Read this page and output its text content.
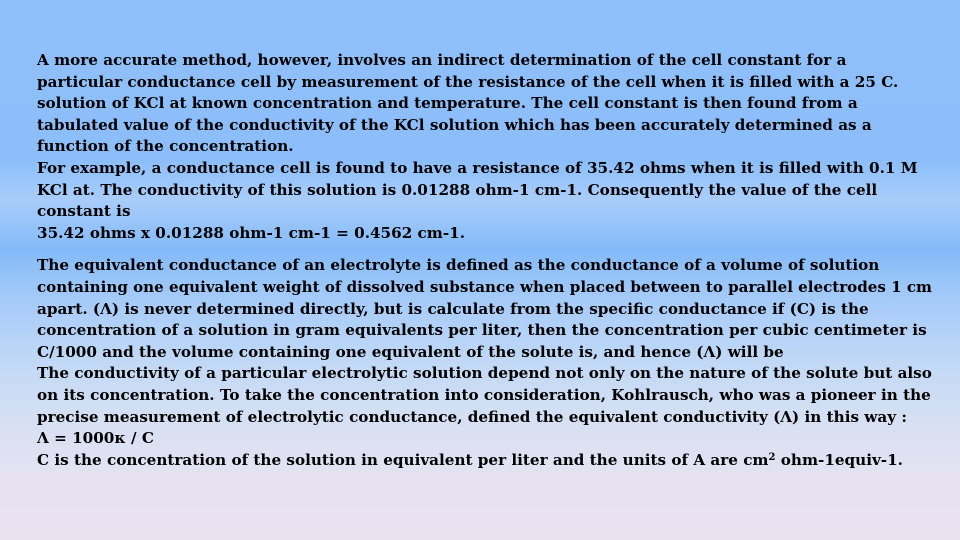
A more accurate method, however, involves an indirect determination of the cell constant for a
particular conductance cell by measurement of the resistance of the cell when it is filled with a 25 C.
solution of KCl at known concentration and temperature. The cell constant is then found from a
tabulated value of the conductivity of the KCl solution which has been accurately determined as a
function of the concentration.
For example, a conductance cell is found to have a resistance of 35.42 ohms when it is filled with 0.1 M
KCl at. The conductivity of this solution is 0.01288 ohm-1 cm-1. Consequently the value of the cell
constant is
35.42 ohms x 0.01288 ohm-1 cm-1 = 0.4562 cm-1.

The equivalent conductance of an electrolyte is defined as the conductance of a volume of solution
containing one equivalent weight of dissolved substance when placed between to parallel electrodes 1 cm
apart. (Λ) is never determined directly, but is calculate from the specific conductance if (C) is the
concentration of a solution in gram equivalents per liter, then the concentration per cubic centimeter is
C/1000 and the volume containing one equivalent of the solute is, and hence (Λ) will be
The conductivity of a particular electrolytic solution depend not only on the nature of the solute but also
on its concentration. To take the concentration into consideration, Kohlrausch, who was a pioneer in the
precise measurement of electrolytic conductance, defined the equivalent conductivity (Λ) in this way :
Λ = 1000κ / C
C is the concentration of the solution in equivalent per liter and the units of A are $cm^2$ ohm-1equiv-1.
